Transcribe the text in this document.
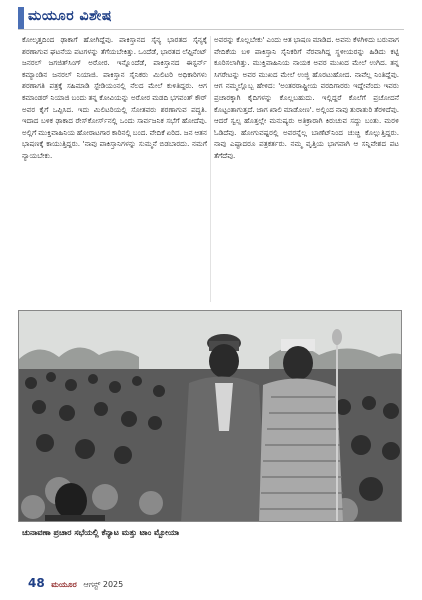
ಮಯೂರ ವಿಶೇಷ

ಕೋಲ್ಕತ್ತದಿಂದ ಢಾಕಾಗೆ ಹೋಗಿದ್ದೆವು. ಪಾಕಿಸ್ತಾನದ ಸೈನ್ಯ ಭಾರತದ ಸೈನ್ಯಕ್ಕೆ ಶರಣಾಗುವ ಘಟನೆಯ ಪಟಗಳನ್ನು ತೆಗೆಯಬೇಕಿತ್ತು. ಒಂದೆಡೆ, ಭಾರತದ ಲೆಫ್ಟಿನೆಂಟ್ ಜನರಲ್ ಜಗಜಿತ್‌ಸಿಂಗ್ ಅರೋರ. ಇನ್ನೊಂದೆಡೆ, ಪಾಕಿಸ್ತಾನದ ಈಸ್ಟರ್ನ್ ಕಮ್ಯಾಂಡಿನ ಜನರಲ್ ನಿಯಾಜಿ. ಪಾಕಿಸ್ತಾನ ಸೈನಿಕರು ಮಿಲಿಟರಿ ಅಧಿಕಾರಿಗಳು ಶರಣಾಗತಿ ಪತ್ರಕ್ಕೆ ಸಹಿಮಾಡಿ ಸ್ಟೇಡಿಯಂನಲ್ಲಿ ನೆಲದ ಮೇಲೆ ಕುಳಿತಿದ್ದರು. ಆಗ ಕಮಾಂಡರ್ ನಿಯಾಜಿ ಬಂದು ತನ್ನ ಕೋವಿಯನ್ನು ಅರೋರ ಮಡದಿ ಭಗವಂತ್ ಕೌರ್ ಅವರ ಕೈಗೆ ಒಪ್ಪಿಸಿದ. ಇದು ಮಿಲಿಟರಿಯಲ್ಲಿ ಸೋತವರು ಶರಣಾಗುವ ಪದ್ಧತಿ. ಇದಾದ ಬಳಿಕ ಢಾಕಾದ ರೇಸ್‌ಕೋರ್ಸ್‌ನಲ್ಲಿ ಒಂದು ಸಾರ್ವಜನಿಕ ಸಭೆಗೆ ಹೋದೆವು. ಅಲ್ಲಿಗೆ ಮುಕ್ತಿವಾಹಿನಿಯ ಹೋರಾಟಗಾರ ಕಾರಿನಲ್ಲಿ ಬಂದ. ವೇದಿಕೆ ಏರಿದ. ಜನ ಆತನ ಭಾಷಣಕ್ಕೆ ಕಾಯುತ್ತಿದ್ದರು. 'ನಾವು ಪಾಕಿಸ್ತಾನಿಗಳನ್ನು ಸುಮ್ಮನೆ ಬಿಡಬಾರದು. ನಮಗೆ ನ್ಯಾಯಬೇಕು.

ಅವರನ್ನು ಕೊಲ್ಲಬೇಕು' ಎಂದು ಆತ ಭಾಷಣ ಮಾಡಿದ. ಅವನು ಕೆಳಗಿಳಿದು ಬರುವಾಗ ವೇದಿಕೆಯ ಬಳಿ ಪಾಕಿಸ್ತಾನಿ ಸೈನಿಕರಿಗೆ ನೆರವಾಗಿದ್ದ ಸ್ಥಳೀಯರನ್ನು ಹಿಡಿದು ಕಟ್ಟಿ ಕೂರಿಸಲಾಗಿತ್ತು. ಮುಕ್ತಿವಾಹಿನಿಯ ನಾಯಕ ಅವರ ಮುಖದ ಮೇಲೆ ಉಗಿದ. ತನ್ನ ಸಿಗರೇಟನ್ನು ಅವರ ಮುಖದ ಮೇಲೆ ಉಜ್ಜಿ ಹೊರಟುಹೋದ. ನಾವೆಲ್ಲ ನಿಂತಿದ್ದೆವು. ಆಗ ನಮ್ಮಲ್ಲೊಬ್ಬ ಹೇಳಿದ: 'ಅಂತರರಾಷ್ಟ್ರೀಯ ವರದಿಗಾರರು ಇದ್ದೇವೆಂದು ಇವರು ಪ್ರಚಾರಕ್ಕಾಗಿ ಕೈದಿಗಳನ್ನು ಕೊಲ್ಲಬಹುದು. ಇಲ್ಲಿದ್ದರೆ ಕೊಲೆಗೆ ಪ್ರಚೋದನೆ ಕೊಟ್ಟಂತಾಗುತ್ತದೆ. ಜಾಗ ಖಾಲಿ ಮಾಡೋಣ'. ಅಲ್ಲಿಂದ ನಾವು ತುರಾತುರಿ ತೆರಳಿದೆವು. ಆದರೆ ಸ್ವಲ್ಪ ಹೊತ್ತಲ್ಲೇ ಮನುಷ್ಯರು ಅತಿಕ್ರಾರಾಗಿ ಕಿರುಚುವ ಸದ್ದು ಬಂತು. ಮರಳಿ ಓಡಿದೆವು. ಹೋಗುವಷ್ಟರಲ್ಲಿ ಅವರನ್ನೆಲ್ಲ ಬಾಣೆಟ್‌ನಿಂದ ಚುಚ್ಚಿ ಕೊಲ್ಲುತ್ತಿದ್ದರು. ನಾವು ಎಷ್ಟಾದರೂ ಪತ್ರಕರ್ತರು. ನಮ್ಮ ವೃತ್ತಿಯ ಭಾಗವಾಗಿ ಆ ಸನ್ನಿವೇಶದ ಪಟ ತೆಗೆದೆವು.

ಚುನಾವಣಾ ಪ್ರಚಾರ ಸಭೆಯಲ್ಲಿ ಕೆನ್ಯಾಟ ಮತ್ತು ಟಾಂ ಮ್ಬೋಯಾ
48 ಮಯೂರ ಆಗಸ್ಟ್ 2025
